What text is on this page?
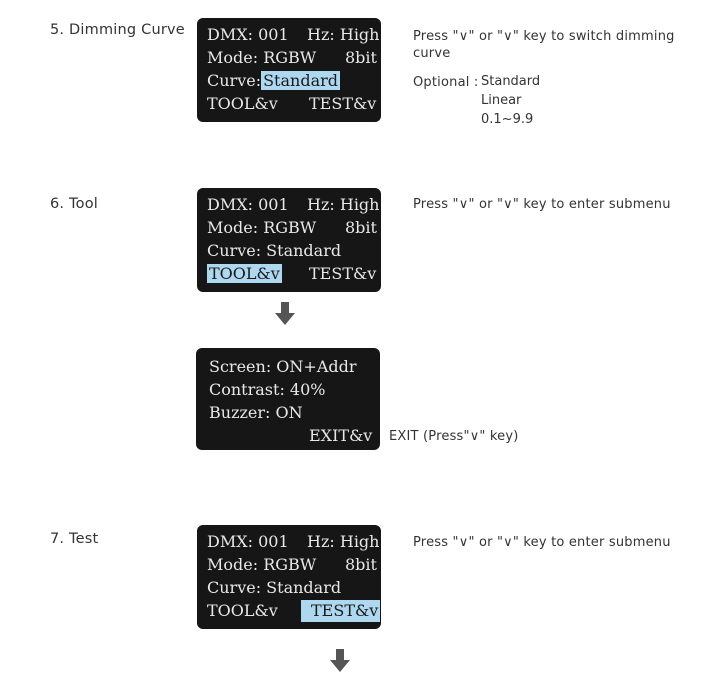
5. Dimming Curve DMX: 001 Hz: High
Mode: RGBW 8bit
Curve: Standard
TOOL&v TEST&v
Press "∨" or "∨" key to switch dimming
curve
Optional : Standard
Linear
0.1~9.9
6. Tool	DMX: 001 Hz: High
Mode: RGBW 8bit
Curve: Standard
TOOL&v TEST&v
Press "∨" or "∨" key to enter submenu
Screen: ON+Addr
Contrast: 40%
Buzzer: ON
EXIT&v EXIT (Press"∨" key)
7. Test	DMX: 001 Hz: High
Mode: RGBW 8bit
Curve: Standard
TOOL&v	TEST&v
Press "∨" or "∨" key to enter submenu
